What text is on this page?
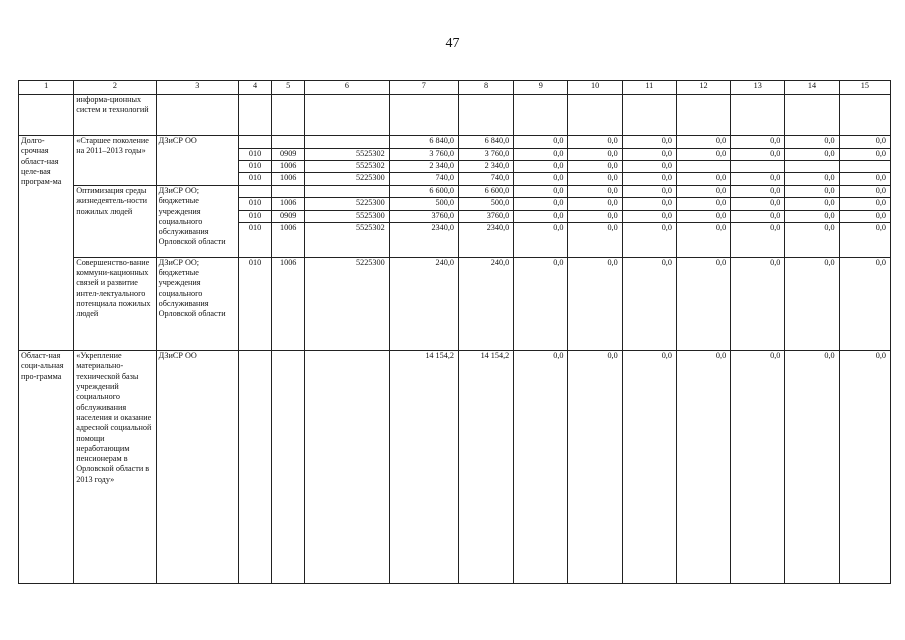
47
1	2	3	4	5	6	7	8	9	10	11	12	13	14	15
	информа-ционных систем и технологий													
Долго-срочная област-ная целе-вая програм-ма	«Старшее поколение на 2011–2013 годы»	ДЗиСР ОО				6 840,0	6 840,0	0,0	0,0	0,0	0,0	0,0	0,0	0,0
			010	0909	5525302	3 760,0	3 760,0	0,0	0,0	0,0	0,0	0,0	0,0	0,0
			010	1006	5525302	2 340,0	2 340,0	0,0	0,0	0,0				
			010	1006	5225300	740,0	740,0	0,0	0,0	0,0	0,0	0,0	0,0	0,0
	Оптимизация среды жизнедеятель-ности пожилых людей	ДЗиСР ОО; бюджетные учреждения социального обслуживания Орловской области				6 600,0	6 600,0	0,0	0,0	0,0	0,0	0,0	0,0	0,0
			010	1006	5225300	500,0	500,0	0,0	0,0	0,0	0,0	0,0	0,0	0,0
			010	0909	5525300	3760,0	3760,0	0,0	0,0	0,0	0,0	0,0	0,0	0,0
			010	1006	5525302	2340,0	2340,0	0,0	0,0	0,0	0,0	0,0	0,0	0,0
	Совершенство-вание коммуни-кационных связей и развитие интел-лектуального потенциала пожилых людей	ДЗиСР ОО; бюджетные учреждения социального обслуживания Орловской области	010	1006	5225300	240,0	240,0	0,0	0,0	0,0	0,0	0,0	0,0	0,0
Област-ная соци-альная про-грамма	«Укрепление материально-технической базы учреждений социального обслуживания населения и оказание адресной социальной помощи неработающим пенсионерам в Орловской области в 2013 году»	ДЗиСР ОО				14 154,2	14 154,2	0,0	0,0	0,0	0,0	0,0	0,0	0,0
